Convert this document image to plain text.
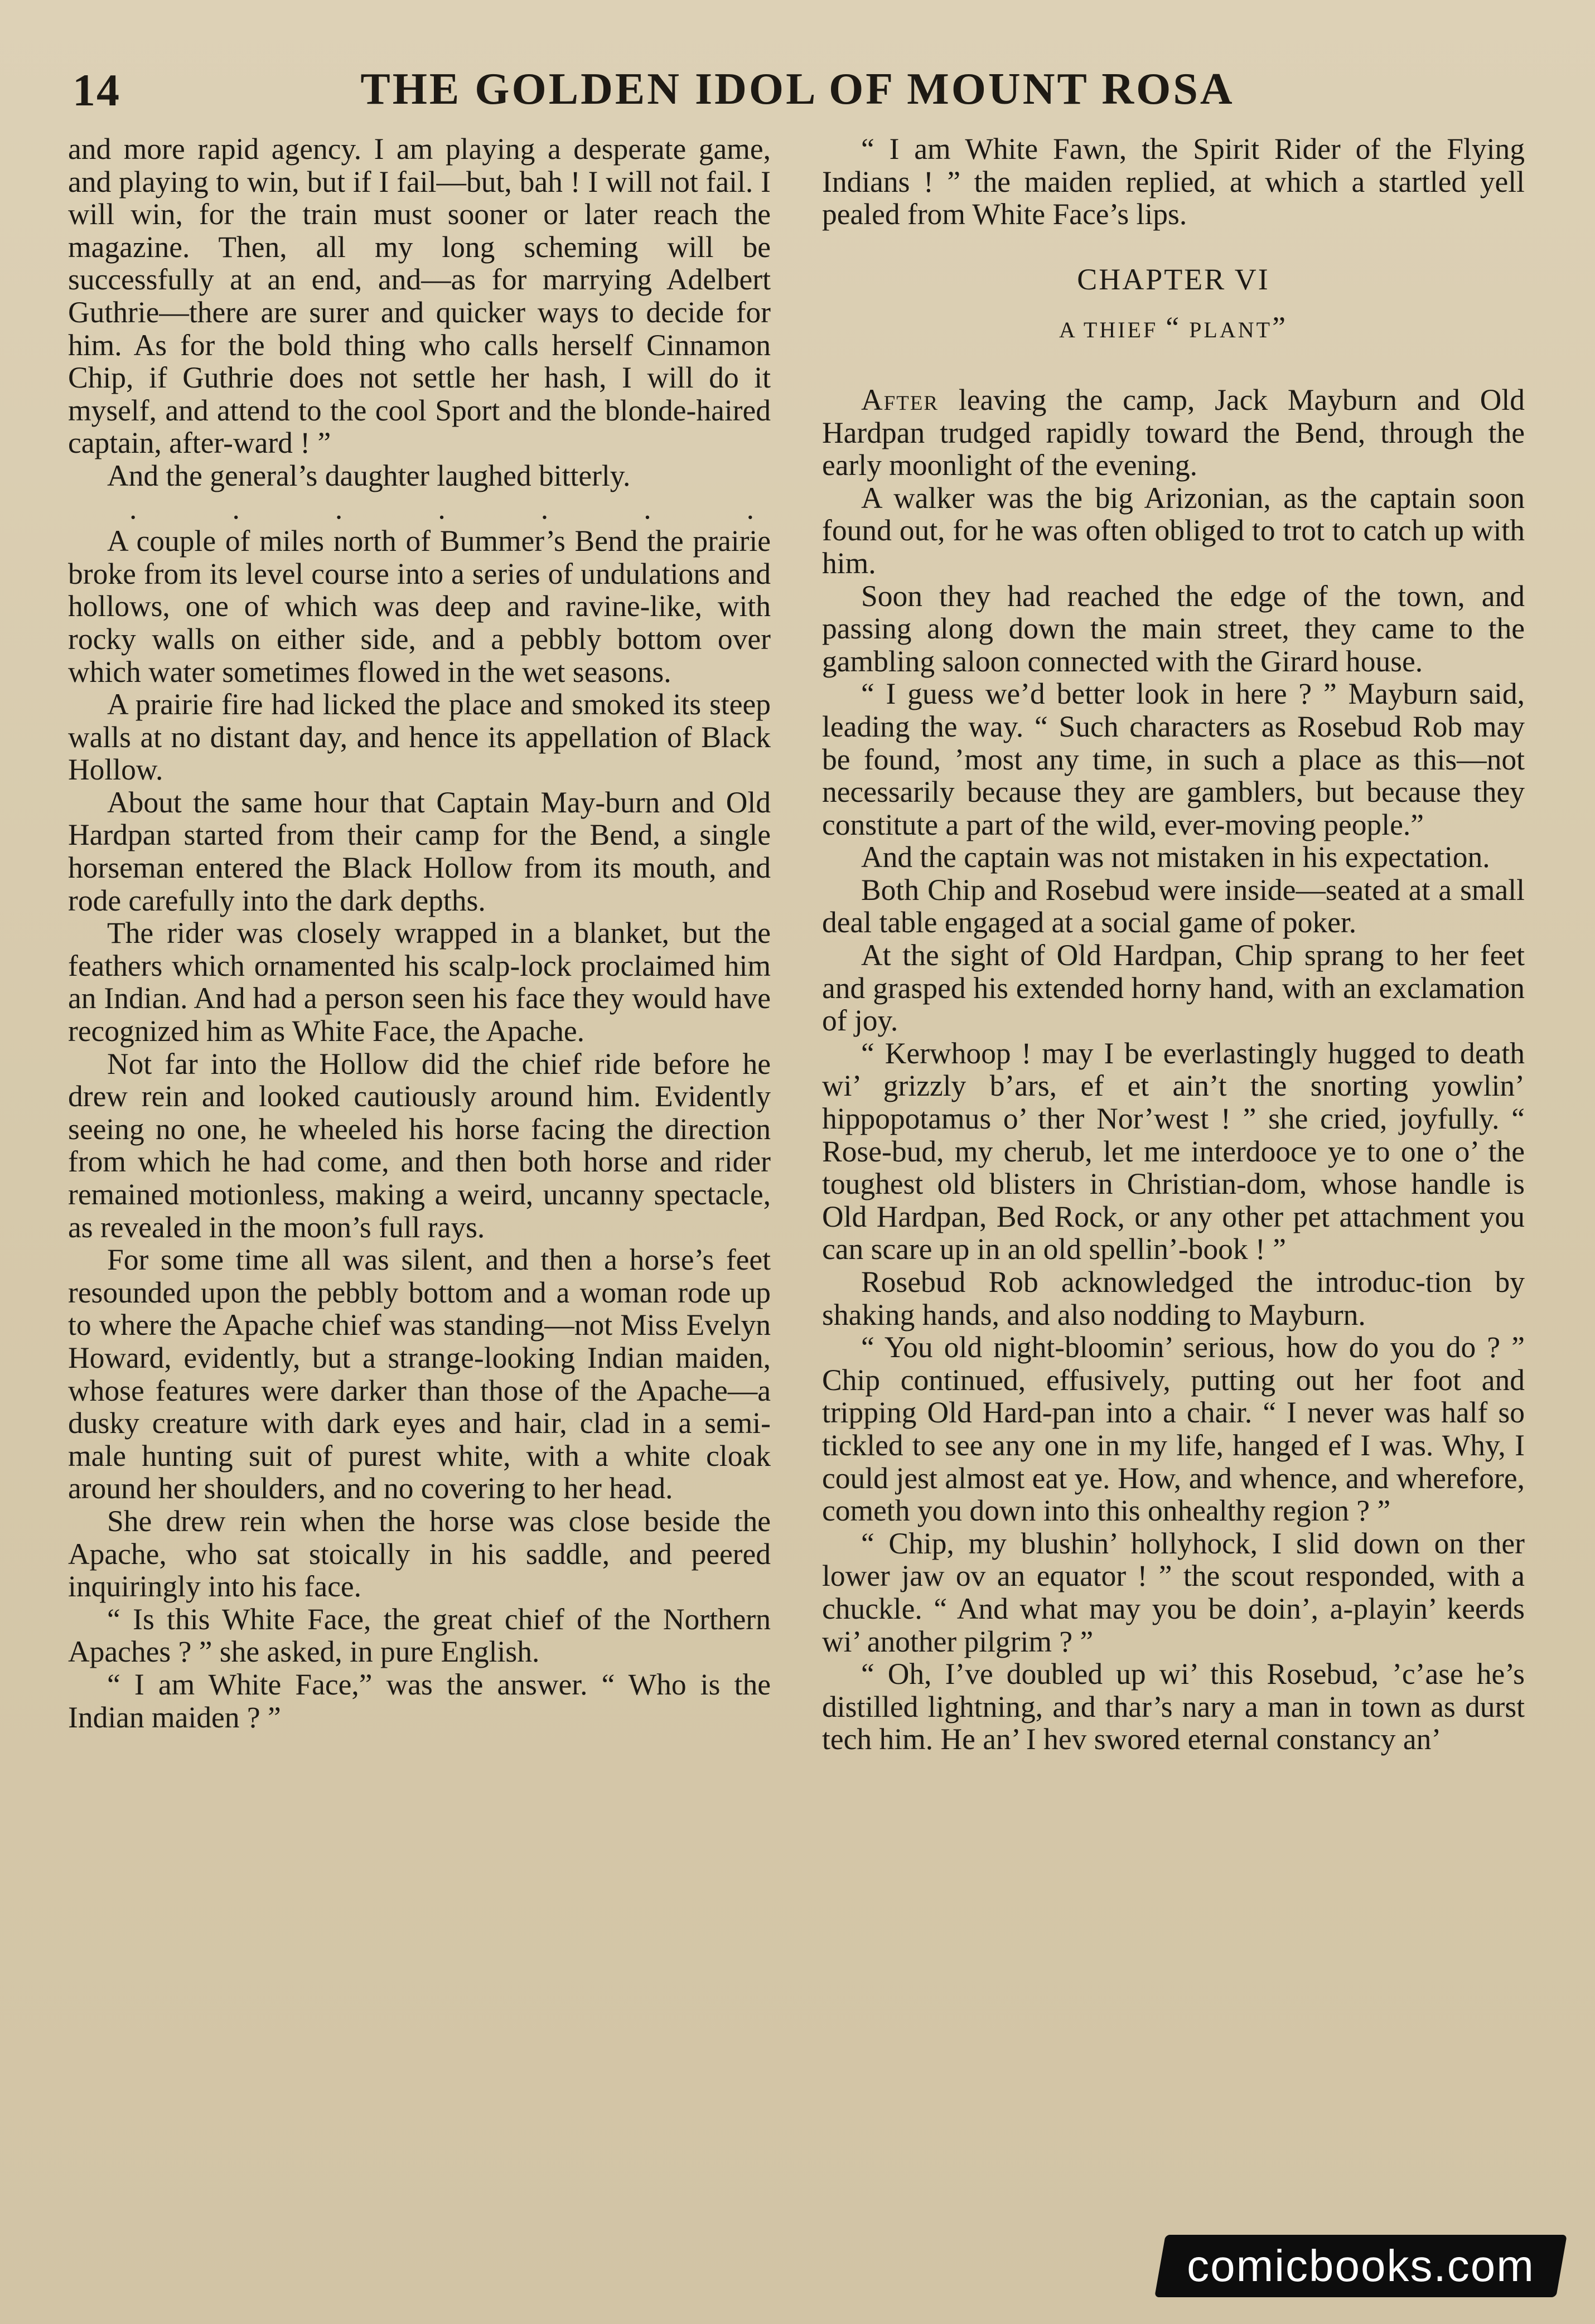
14	THE GOLDEN IDOL OF MOUNT ROSA

and more rapid agency. I am playing a desperate game, and playing to win, but if I fail—but, bah ! I will not fail. I will win, for the train must sooner or later reach the magazine. Then, all my long scheming will be successfully at an end, and—as for marrying Adelbert Guthrie—there are surer and quicker ways to decide for him. As for the bold thing who calls herself Cinnamon Chip, if Guthrie does not settle her hash, I will do it myself, and attend to the cool Sport and the blonde-haired captain, after-ward ! ”

And the general’s daughter laughed bitterly.

.	.	.	.	.	.	.

A couple of miles north of Bummer’s Bend the prairie broke from its level course into a series of undulations and hollows, one of which was deep and ravine-like, with rocky walls on either side, and a pebbly bottom over which water sometimes flowed in the wet seasons.

A prairie fire had licked the place and smoked its steep walls at no distant day, and hence its appellation of Black Hollow.

About the same hour that Captain May-burn and Old Hardpan started from their camp for the Bend, a single horseman entered the Black Hollow from its mouth, and rode carefully into the dark depths.

The rider was closely wrapped in a blanket, but the feathers which ornamented his scalp-lock proclaimed him an Indian. And had a person seen his face they would have recognized him as White Face, the Apache.

Not far into the Hollow did the chief ride before he drew rein and looked cautiously around him. Evidently seeing no one, he wheeled his horse facing the direction from which he had come, and then both horse and rider remained motionless, making a weird, uncanny spectacle, as revealed in the moon’s full rays.

For some time all was silent, and then a horse’s feet resounded upon the pebbly bottom and a woman rode up to where the Apache chief was standing—not Miss Evelyn Howard, evidently, but a strange-looking Indian maiden, whose features were darker than those of the Apache—a dusky creature with dark eyes and hair, clad in a semi-male hunting suit of purest white, with a white cloak around her shoulders, and no covering to her head.

She drew rein when the horse was close beside the Apache, who sat stoically in his saddle, and peered inquiringly into his face.

“ Is this White Face, the great chief of the Northern Apaches ? ” she asked, in pure English.

“ I am White Face,” was the answer. “ Who is the Indian maiden ? ”

“ I am White Fawn, the Spirit Rider of the Flying Indians ! ” the maiden replied, at which a startled yell pealed from White Face’s lips.

CHAPTER VI
A THIEF “ PLANT”

After leaving the camp, Jack Mayburn and Old Hardpan trudged rapidly toward the Bend, through the early moonlight of the evening.

A walker was the big Arizonian, as the captain soon found out, for he was often obliged to trot to catch up with him.

Soon they had reached the edge of the town, and passing along down the main street, they came to the gambling saloon connected with the Girard house.

“ I guess we’d better look in here ? ” Mayburn said, leading the way. “ Such characters as Rosebud Rob may be found, ’most any time, in such a place as this—not necessarily because they are gamblers, but because they constitute a part of the wild, ever-moving people.”

And the captain was not mistaken in his expectation.

Both Chip and Rosebud were inside—seated at a small deal table engaged at a social game of poker.

At the sight of Old Hardpan, Chip sprang to her feet and grasped his extended horny hand, with an exclamation of joy.

“ Kerwhoop ! may I be everlastingly hugged to death wi’ grizzly b’ars, ef et ain’t the snorting yowlin’ hippopotamus o’ ther Nor’west ! ” she cried, joyfully. “ Rose-bud, my cherub, let me interdooce ye to one o’ the toughest old blisters in Christian-dom, whose handle is Old Hardpan, Bed Rock, or any other pet attachment you can scare up in an old spellin’-book ! ”

Rosebud Rob acknowledged the introduc-tion by shaking hands, and also nodding to Mayburn.

“ You old night-bloomin’ serious, how do you do ? ” Chip continued, effusively, putting out her foot and tripping Old Hard-pan into a chair. “ I never was half so tickled to see any one in my life, hanged ef I was. Why, I could jest almost eat ye. How, and whence, and wherefore, cometh you down into this onhealthy region ? ”

“ Chip, my blushin’ hollyhock, I slid down on ther lower jaw ov an equator ! ” the scout responded, with a chuckle. “ And what may you be doin’, a-playin’ keerds wi’ another pilgrim ? ”

“ Oh, I’ve doubled up wi’ this Rosebud, ’c’ase he’s distilled lightning, and thar’s nary a man in town as durst tech him. He an’ I hev swored eternal constancy an’

comicbooks.com
